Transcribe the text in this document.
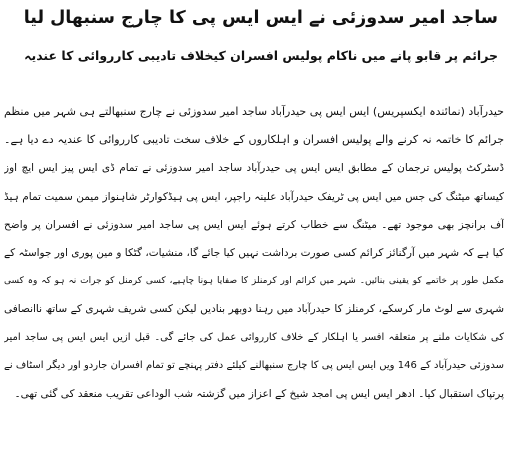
ساجد امیر سدوزئی نے ایس ایس پی کا چارج سنبھال لیا
جرائم پر قابو پانے میں ناکام پولیس افسران کیخلاف تادیبی کارروائی کا عندیہ
حیدرآباد (نمائندہ ایکسپریس) ایس ایس پی حیدرآباد ساجد امیر سدوزئی نے چارج سنبھالتے ہی شہر میں منظم
جرائم کا خاتمہ نہ کرنے والے پولیس افسران و اہلکاروں کے خلاف سخت تادیبی کارروائی کا عندیہ دے دیا ہے۔
ڈسٹرکٹ پولیس ترجمان کے مطابق ایس ایس پی حیدرآباد ساجد امیر سدوزئی نے تمام ڈی ایس پیز ایس ایچ اوز
کیساتھ میٹنگ کی جس میں ایس پی ٹریفک حیدرآباد علینہ راجپر، ایس پی ہیڈکوارٹر شاہنواز میمن سمیت تمام ہیڈ
آف برانچز بھی موجود تھے۔ میٹنگ سے خطاب کرتے ہوئے ایس ایس پی ساجد امیر سدوزئی نے افسران پر واضح
کیا ہے کہ شہر میں آرگنائز کرائم کسی صورت برداشت نہیں کیا جائے گا، منشیات، گٹکا و مین پوری اور جواسٹہ کے
مکمل طور پر خاتمے کو یقینی بنائیں۔ شہر میں کرائم اور کرمنلز کا صفایا ہونا چاہیے، کسی کرمنل کو جرات نہ ہو کہ وہ کسی
شہری سے لوٹ مار کرسکے، کرمنلز کا حیدرآباد میں رہنا دوبھر بنادیں لیکن کسی شریف شہری کے ساتھ ناانصافی
کی شکایات ملنے پر متعلقہ افسر یا اہلکار کے خلاف کارروائی عمل کی جائے گی۔ قبل ازیں ایس ایس پی ساجد امیر
سدوزئی حیدرآباد کے 146 ویں ایس ایس پی کا چارج سنبھالنے کیلئے دفتر پہنچے تو تمام افسران جاردو اور دیگر اسٹاف نے
پرتپاک استقبال کیا۔ ادھر ایس ایس پی امجد شیخ کے اعزاز میں گزشتہ شب الوداعی تقریب منعقد کی گئی تھی۔
